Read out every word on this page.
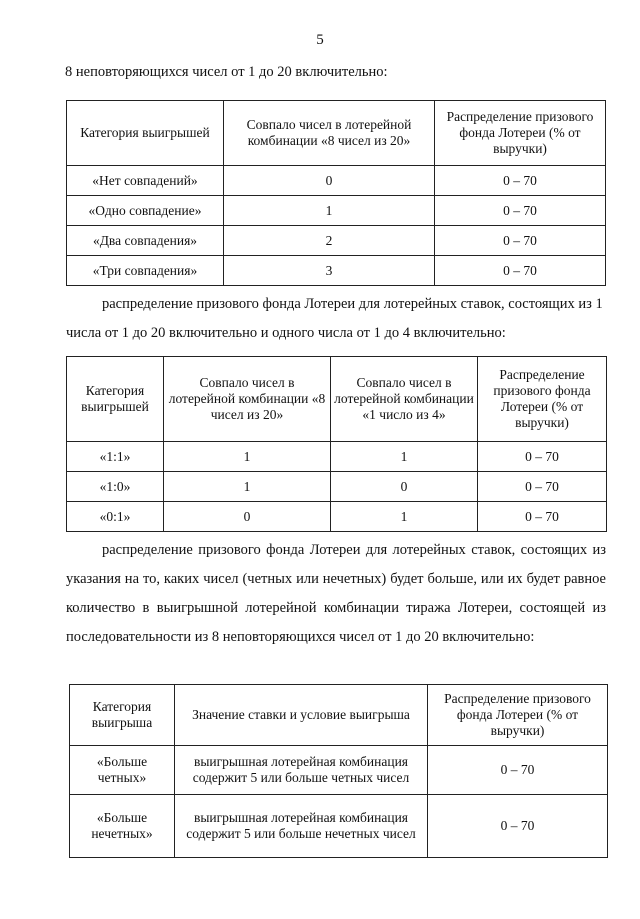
5

8 неповторяющихся чисел от 1 до 20 включительно:

Категория выигрышей	Совпало чисел в лотерейной комбинации «8 чисел из 20»	Распределение призового фонда Лотереи (% от выручки)
«Нет совпадений»	0	0 – 70
«Одно совпадение»	1	0 – 70
«Два совпадения»	2	0 – 70
«Три совпадения»	3	0 – 70

распределение призового фонда Лотереи для лотерейных ставок, состоящих из 1 числа от 1 до 20 включительно и одного числа от 1 до 4 включительно:

Категория выигрышей	Совпало чисел в лотерейной комбинации «8 чисел из 20»	Совпало чисел в лотерейной комбинации «1 число из 4»	Распределение призового фонда Лотереи (% от выручки)
«1:1»	1	1	0 – 70
«1:0»	1	0	0 – 70
«0:1»	0	1	0 – 70

распределение призового фонда Лотереи для лотерейных ставок, состоящих из указания на то, каких чисел (четных или нечетных) будет больше, или их будет равное количество в выигрышной лотерейной комбинации тиража Лотереи, состоящей из последовательности из 8 неповторяющихся чисел от 1 до 20 включительно:

Категория выигрыша	Значение ставки и условие выигрыша	Распределение призового фонда Лотереи (% от выручки)
«Больше четных»	выигрышная лотерейная комбинация содержит 5 или больше четных чисел	0 – 70
«Больше нечетных»	выигрышная лотерейная комбинация содержит 5 или больше нечетных чисел	0 – 70
